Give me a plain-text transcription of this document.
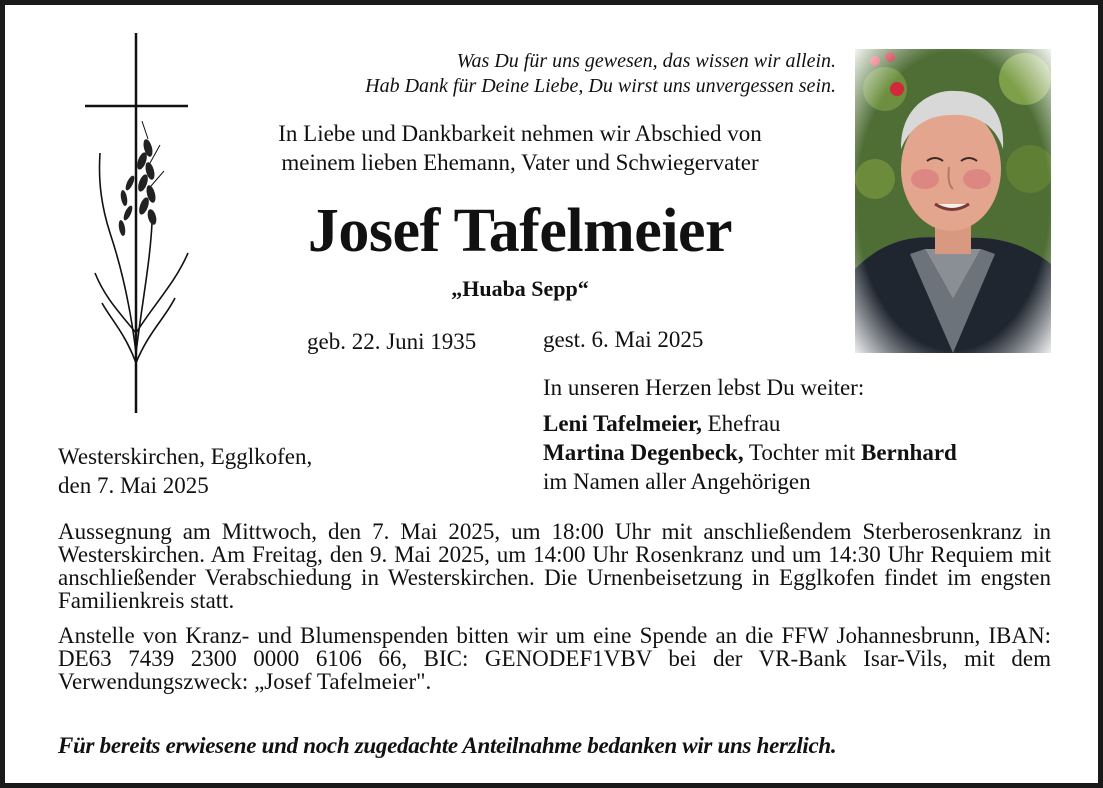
Was Du für uns gewesen, das wissen wir allein.
Hab Dank für Deine Liebe, Du wirst uns unvergessen sein.
In Liebe und Dankbarkeit nehmen wir Abschied von
meinem lieben Ehemann, Vater und Schwiegervater
Josef Tafelmeier
„Huaba Sepp“
geb. 22. Juni 1935	gest. 6. Mai 2025
In unseren Herzen lebst Du weiter:
Leni Tafelmeier, Ehefrau
Martina Degenbeck, Tochter mit Bernhard
im Namen aller Angehörigen
Westerskirchen, Egglkofen,
den 7. Mai 2025

Aussegnung am Mittwoch, den 7. Mai 2025, um 18:00 Uhr mit anschließendem Sterberosenkranz in Westerskirchen. Am Freitag, den 9. Mai 2025, um 14:00 Uhr Rosenkranz und um 14:30 Uhr Requiem mit anschließender Verabschiedung in Westerskirchen. Die Urnenbeisetzung in Egglkofen findet im engsten Familienkreis statt.

Anstelle von Kranz- und Blumenspenden bitten wir um eine Spende an die FFW Johannesbrunn, IBAN: DE63 7439 2300 0000 6106 66, BIC: GENODEF1VBV bei der VR-Bank Isar-Vils, mit dem Verwendungszweck: „Josef Tafelmeier".

Für bereits erwiesene und noch zugedachte Anteilnahme bedanken wir uns herzlich.
